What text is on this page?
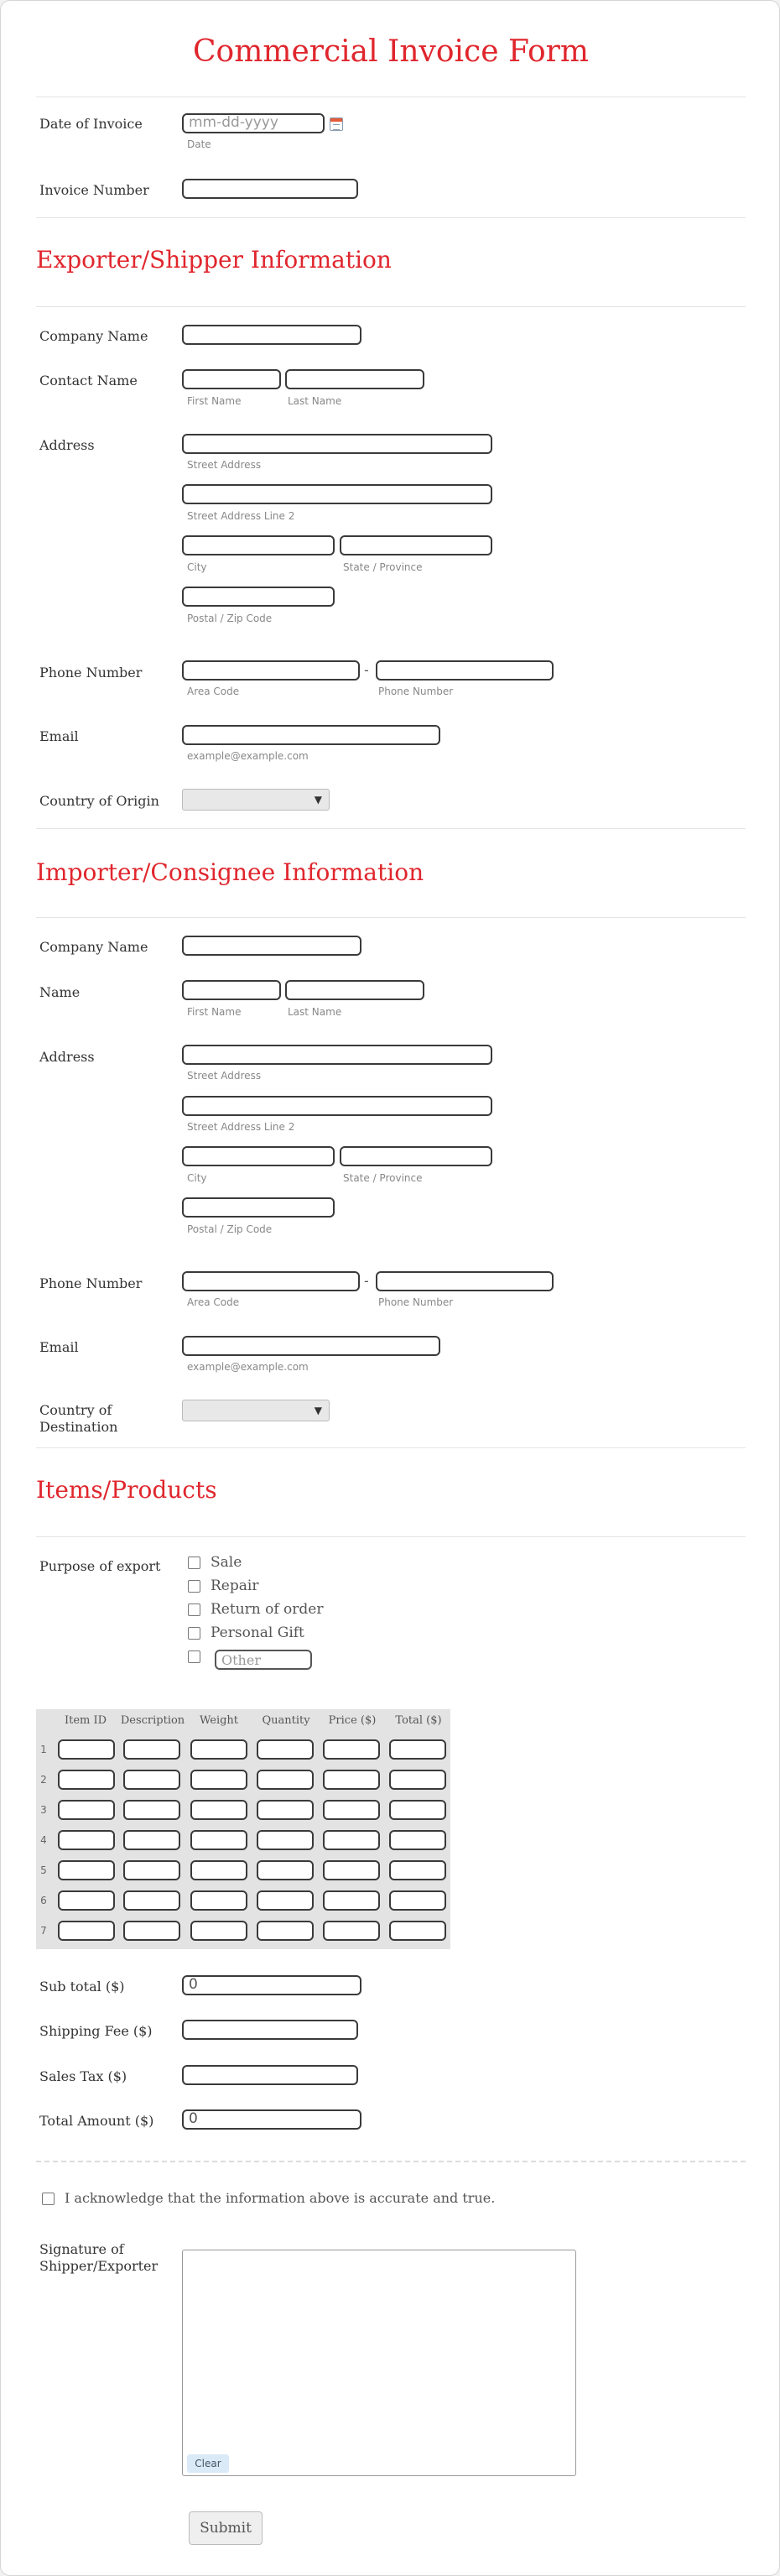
Commercial Invoice Form
Date of Invoice	mm-dd-yyyy
Date
Invoice Number
Exporter/Shipper Information
Company Name
Contact Name
First Name	Last Name
Address
Street Address
Street Address Line 2
City	State / Province
Postal / Zip Code
Phone Number	-
Area Code	Phone Number
Email
example@example.com
Country of Origin	▼
Importer/Consignee Information
Company Name
Name
First Name	Last Name
Address
Street Address
Street Address Line 2
City	State / Province
Postal / Zip Code
Phone Number	-
Area Code	Phone Number
Email
example@example.com
Country of Destination
▼
Items/Products
Purpose of export	Sale
Repair
Return of order
Personal Gift
Other
Item ID	Description	Weight	Quantity	Price ($)	Total ($)
1
2
3
4
5
6
7
Sub total ($)	0
Shipping Fee ($)
Sales Tax ($)
Total Amount ($)	0
I acknowledge that the information above is accurate and true.
Signature of Shipper/Exporter
Clear
Submit
